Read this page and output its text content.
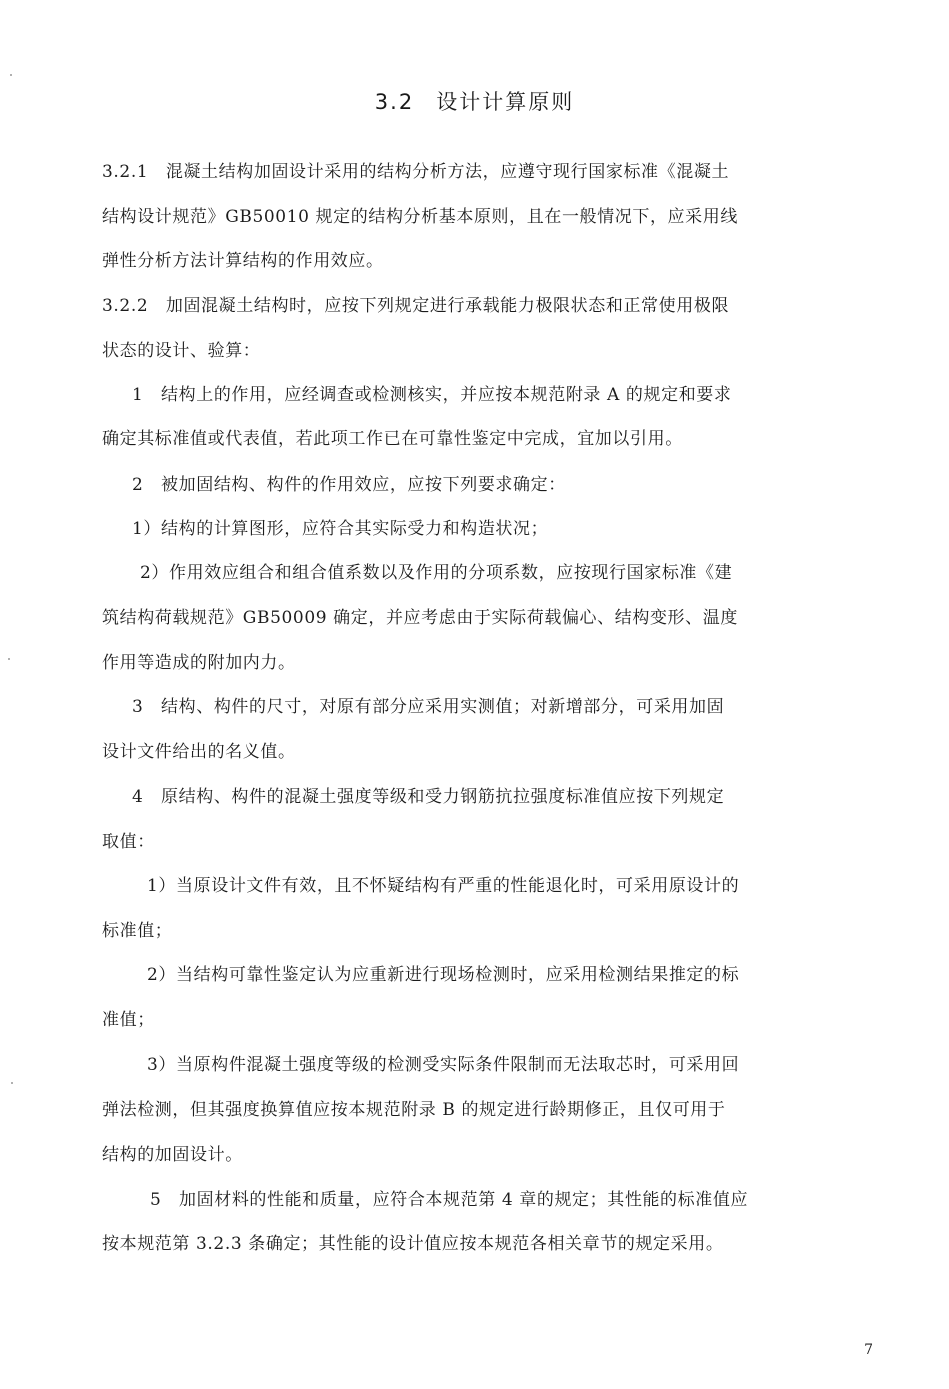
3.2 设计计算原则
3.2.1　混凝土结构加固设计采用的结构分析方法，应遵守现行国家标准《混凝土
结构设计规范》GB50010 规定的结构分析基本原则，且在一般情况下，应采用线
弹性分析方法计算结构的作用效应。
3.2.2　加固混凝土结构时，应按下列规定进行承载能力极限状态和正常使用极限
状态的设计、验算：
1　结构上的作用，应经调查或检测核实，并应按本规范附录 A 的规定和要求
确定其标准值或代表值，若此项工作已在可靠性鉴定中完成，宜加以引用。
2　被加固结构、构件的作用效应，应按下列要求确定：
1）结构的计算图形，应符合其实际受力和构造状况；
2）作用效应组合和组合值系数以及作用的分项系数，应按现行国家标准《建
筑结构荷载规范》GB50009 确定，并应考虑由于实际荷载偏心、结构变形、温度
作用等造成的附加内力。
3　结构、构件的尺寸，对原有部分应采用实测值；对新增部分，可采用加固
设计文件给出的名义值。
4　原结构、构件的混凝土强度等级和受力钢筋抗拉强度标准值应按下列规定
取值：
1）当原设计文件有效，且不怀疑结构有严重的性能退化时，可采用原设计的
标准值；
2）当结构可靠性鉴定认为应重新进行现场检测时，应采用检测结果推定的标
准值；
3）当原构件混凝土强度等级的检测受实际条件限制而无法取芯时，可采用回
弹法检测，但其强度换算值应按本规范附录 B 的规定进行龄期修正，且仅可用于
结构的加固设计。
5　加固材料的性能和质量，应符合本规范第 4 章的规定；其性能的标准值应
按本规范第 3.2.3 条确定；其性能的设计值应按本规范各相关章节的规定采用。
7
